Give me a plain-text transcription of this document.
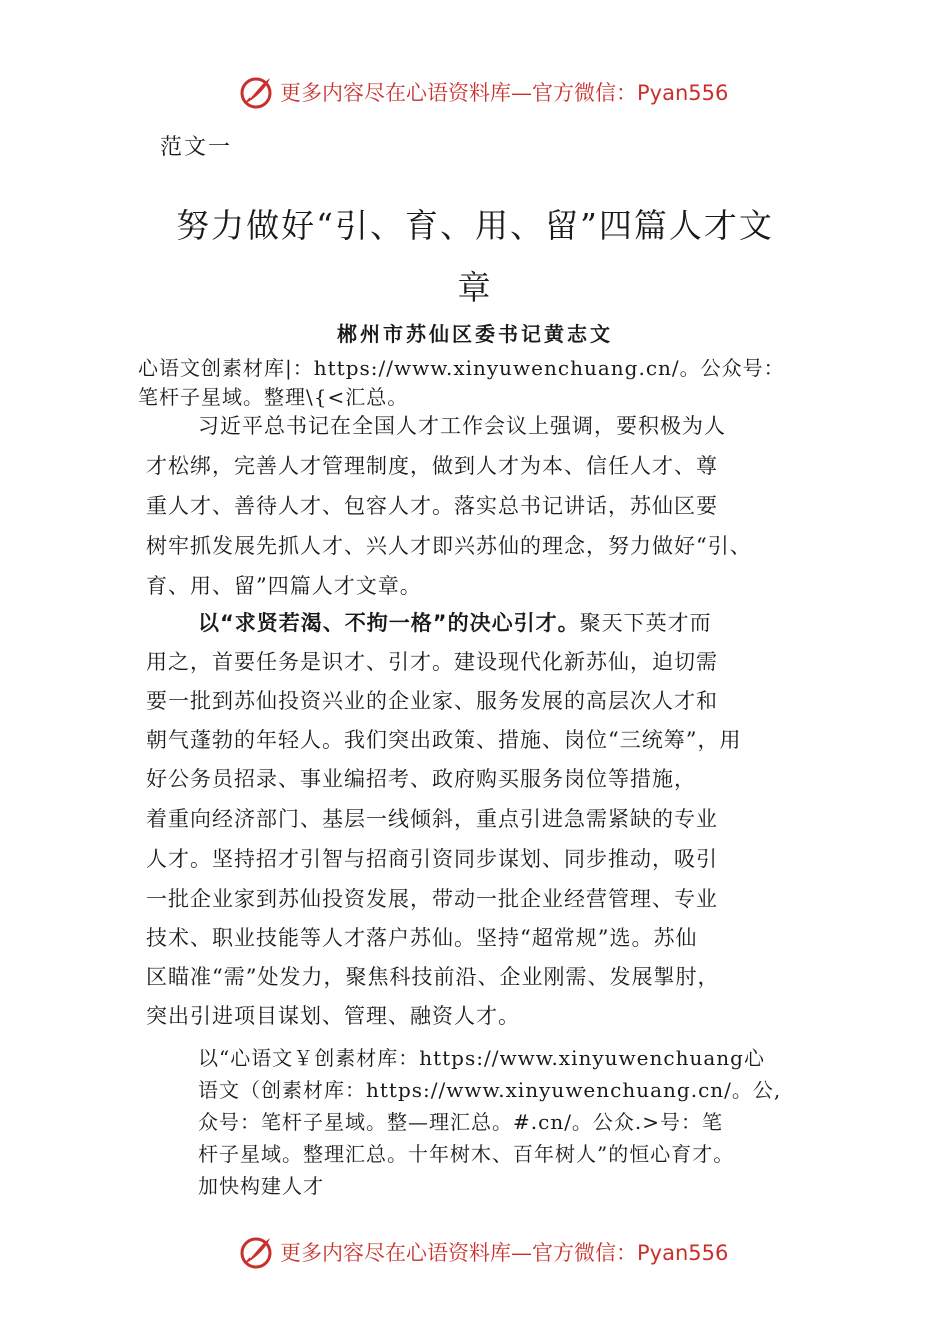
更多内容尽在心语资料库—官方微信：Pyan556
范文一
努力做好“引、育、用、留”四篇人才文
章
郴州市苏仙区委书记黄志文
心语文创素材库|：https://www.xinyuwenchuang.cn/。公众号：
笔杆子星域。整理\{<汇总。
习近平总书记在全国人才工作会议上强调，要积极为人
才松绑，完善人才管理制度，做到人才为本、信任人才、尊
重人才、善待人才、包容人才。落实总书记讲话，苏仙区要
树牢抓发展先抓人才、兴人才即兴苏仙的理念，努力做好“引、
育、用、留”四篇人才文章。
以“求贤若渴、不拘一格”的决心引才。聚天下英才而
用之，首要任务是识才、引才。建设现代化新苏仙，迫切需
要一批到苏仙投资兴业的企业家、服务发展的高层次人才和
朝气蓬勃的年轻人。我们突出政策、措施、岗位“三统筹”，用
好公务员招录、事业编招考、政府购买服务岗位等措施，
着重向经济部门、基层一线倾斜，重点引进急需紧缺的专业
人才。坚持招才引智与招商引资同步谋划、同步推动，吸引
一批企业家到苏仙投资发展，带动一批企业经营管理、专业
技术、职业技能等人才落户苏仙。坚持“超常规”选。苏仙
区瞄准“需”处发力，聚焦科技前沿、企业刚需、发展掣肘，
突出引进项目谋划、管理、融资人才。
以“心语文￥创素材库：https://www.xinyuwenchuang心
语文（创素材库：https://www.xinyuwenchuang.cn/。公,
众号：笔杆子星域。整—理汇总。#.cn/。公众.>号：笔
杆子星域。整理汇总。十年树木、百年树人”的恒心育才。
加快构建人才
更多内容尽在心语资料库—官方微信：Pyan556
